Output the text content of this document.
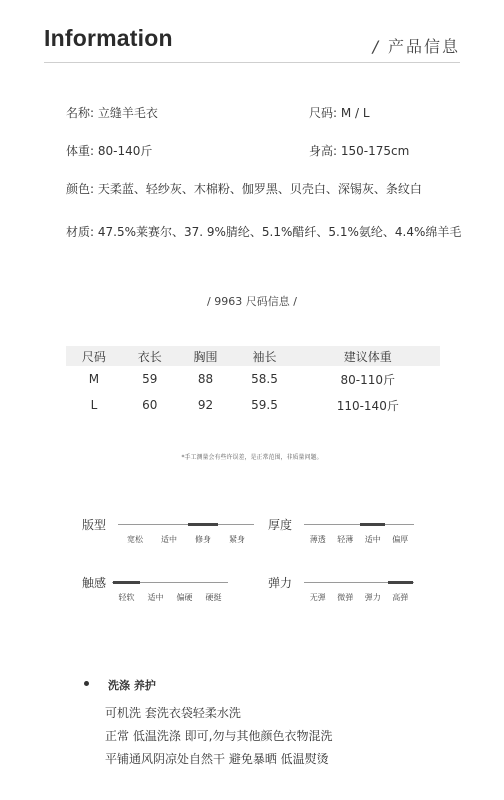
Information	/ 产品信息
名称: 立缝羊毛衣	尺码: M / L
体重: 80-140斤	身高: 150-175cm
颜色: 天柔蓝、轻纱灰、木棉粉、伽罗黑、贝壳白、深锡灰、条纹白
材质: 47.5%莱赛尔、37. 9%腈纶、5.1%醋纤、5.1%氨纶、4.4%绵羊毛
/ 9963 尺码信息 /
尺码	衣长	胸围	袖长	建议体重
M	59	88	58.5	80-110斤
L	60	92	59.5	110-140斤
*手工测量会有些许误差，是正常范围，非质量问题。
版型
宽松 适中 修身 紧身
厚度
薄透 轻薄 适中 偏厚
触感
轻软 适中 偏硬 硬挺
弹力
无弹 微弹 弹力 高弹
洗涤 养护
可机洗 套洗衣袋轻柔水洗
正常 低温洗涤 即可,勿与其他颜色衣物混洗
平铺通风阴凉处自然干 避免暴晒 低温熨烫
